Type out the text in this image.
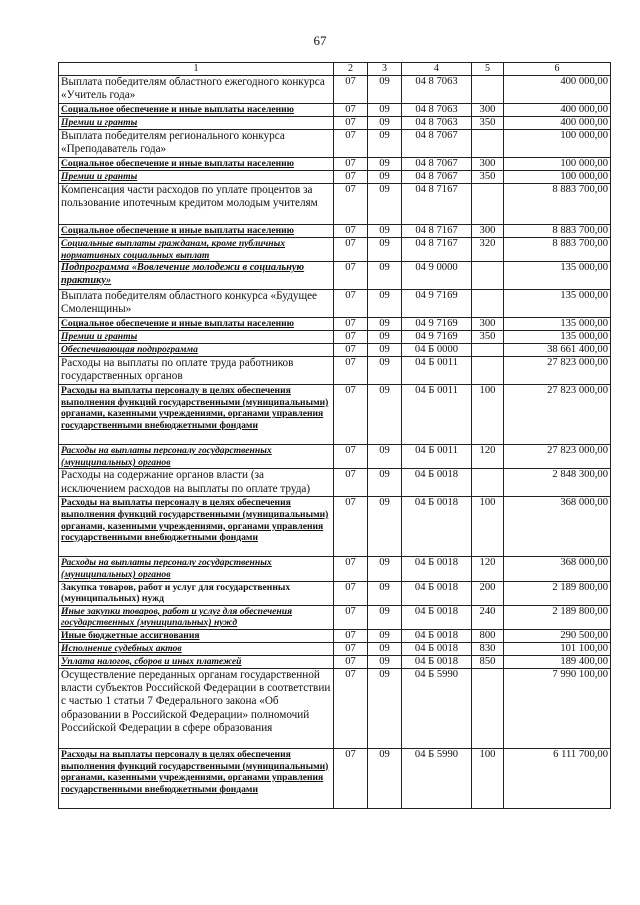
67
1	2	3	4	5	6
Выплата победителям областного ежегодного конкурса «Учитель года»	07	09	04 8 7063		400 000,00
Социальное обеспечение и иные выплаты населению	07	09	04 8 7063	300	400 000,00
Премии и гранты	07	09	04 8 7063	350	400 000,00
Выплата победителям регионального конкурса «Преподаватель года»	07	09	04 8 7067		100 000,00
Социальное обеспечение и иные выплаты населению	07	09	04 8 7067	300	100 000,00
Премии и гранты	07	09	04 8 7067	350	100 000,00
Компенсация части расходов по уплате процентов за пользование ипотечным кредитом молодым учителям	07	09	04 8 7167		8 883 700,00
Социальное обеспечение и иные выплаты населению	07	09	04 8 7167	300	8 883 700,00
Социальные выплаты гражданам, кроме публичных нормативных социальных выплат	07	09	04 8 7167	320	8 883 700,00
Подпрограмма «Вовлечение молодежи в социальную практику»	07	09	04 9 0000		135 000,00
Выплата победителям областного конкурса «Будущее Смоленщины»	07	09	04 9 7169		135 000,00
Социальное обеспечение и иные выплаты населению	07	09	04 9 7169	300	135 000,00
Премии и гранты	07	09	04 9 7169	350	135 000,00
Обеспечивающая подпрограмма	07	09	04 Б 0000		38 661 400,00
Расходы на выплаты по оплате труда работников государственных органов	07	09	04 Б 0011		27 823 000,00
Расходы на выплаты персоналу в целях обеспечения выполнения функций государственными (муниципальными) органами, казенными учреждениями, органами управления государственными внебюджетными фондами	07	09	04 Б 0011	100	27 823 000,00
Расходы на выплаты персоналу государственных (муниципальных) органов	07	09	04 Б 0011	120	27 823 000,00
Расходы на содержание органов власти (за исключением расходов на выплаты по оплате труда)	07	09	04 Б 0018		2 848 300,00
Расходы на выплаты персоналу в целях обеспечения выполнения функций государственными (муниципальными) органами, казенными учреждениями, органами управления государственными внебюджетными фондами	07	09	04 Б 0018	100	368 000,00
Расходы на выплаты персоналу государственных (муниципальных) органов	07	09	04 Б 0018	120	368 000,00
Закупка товаров, работ и услуг для государственных (муниципальных) нужд	07	09	04 Б 0018	200	2 189 800,00
Иные закупки товаров, работ и услуг для обеспечения государственных (муниципальных) нужд	07	09	04 Б 0018	240	2 189 800,00
Иные бюджетные ассигнования	07	09	04 Б 0018	800	290 500,00
Исполнение судебных актов	07	09	04 Б 0018	830	101 100,00
Уплата налогов, сборов и иных платежей	07	09	04 Б 0018	850	189 400,00
Осуществление переданных органам государственной власти субъектов Российской Федерации в соответствии с частью 1 статьи 7 Федерального закона «Об образовании в Российской Федерации» полномочий Российской Федерации в сфере образования	07	09	04 Б 5990		7 990 100,00
Расходы на выплаты персоналу в целях обеспечения выполнения функций государственными (муниципальными) органами, казенными учреждениями, органами управления государственными внебюджетными фондами	07	09	04 Б 5990	100	6 111 700,00
